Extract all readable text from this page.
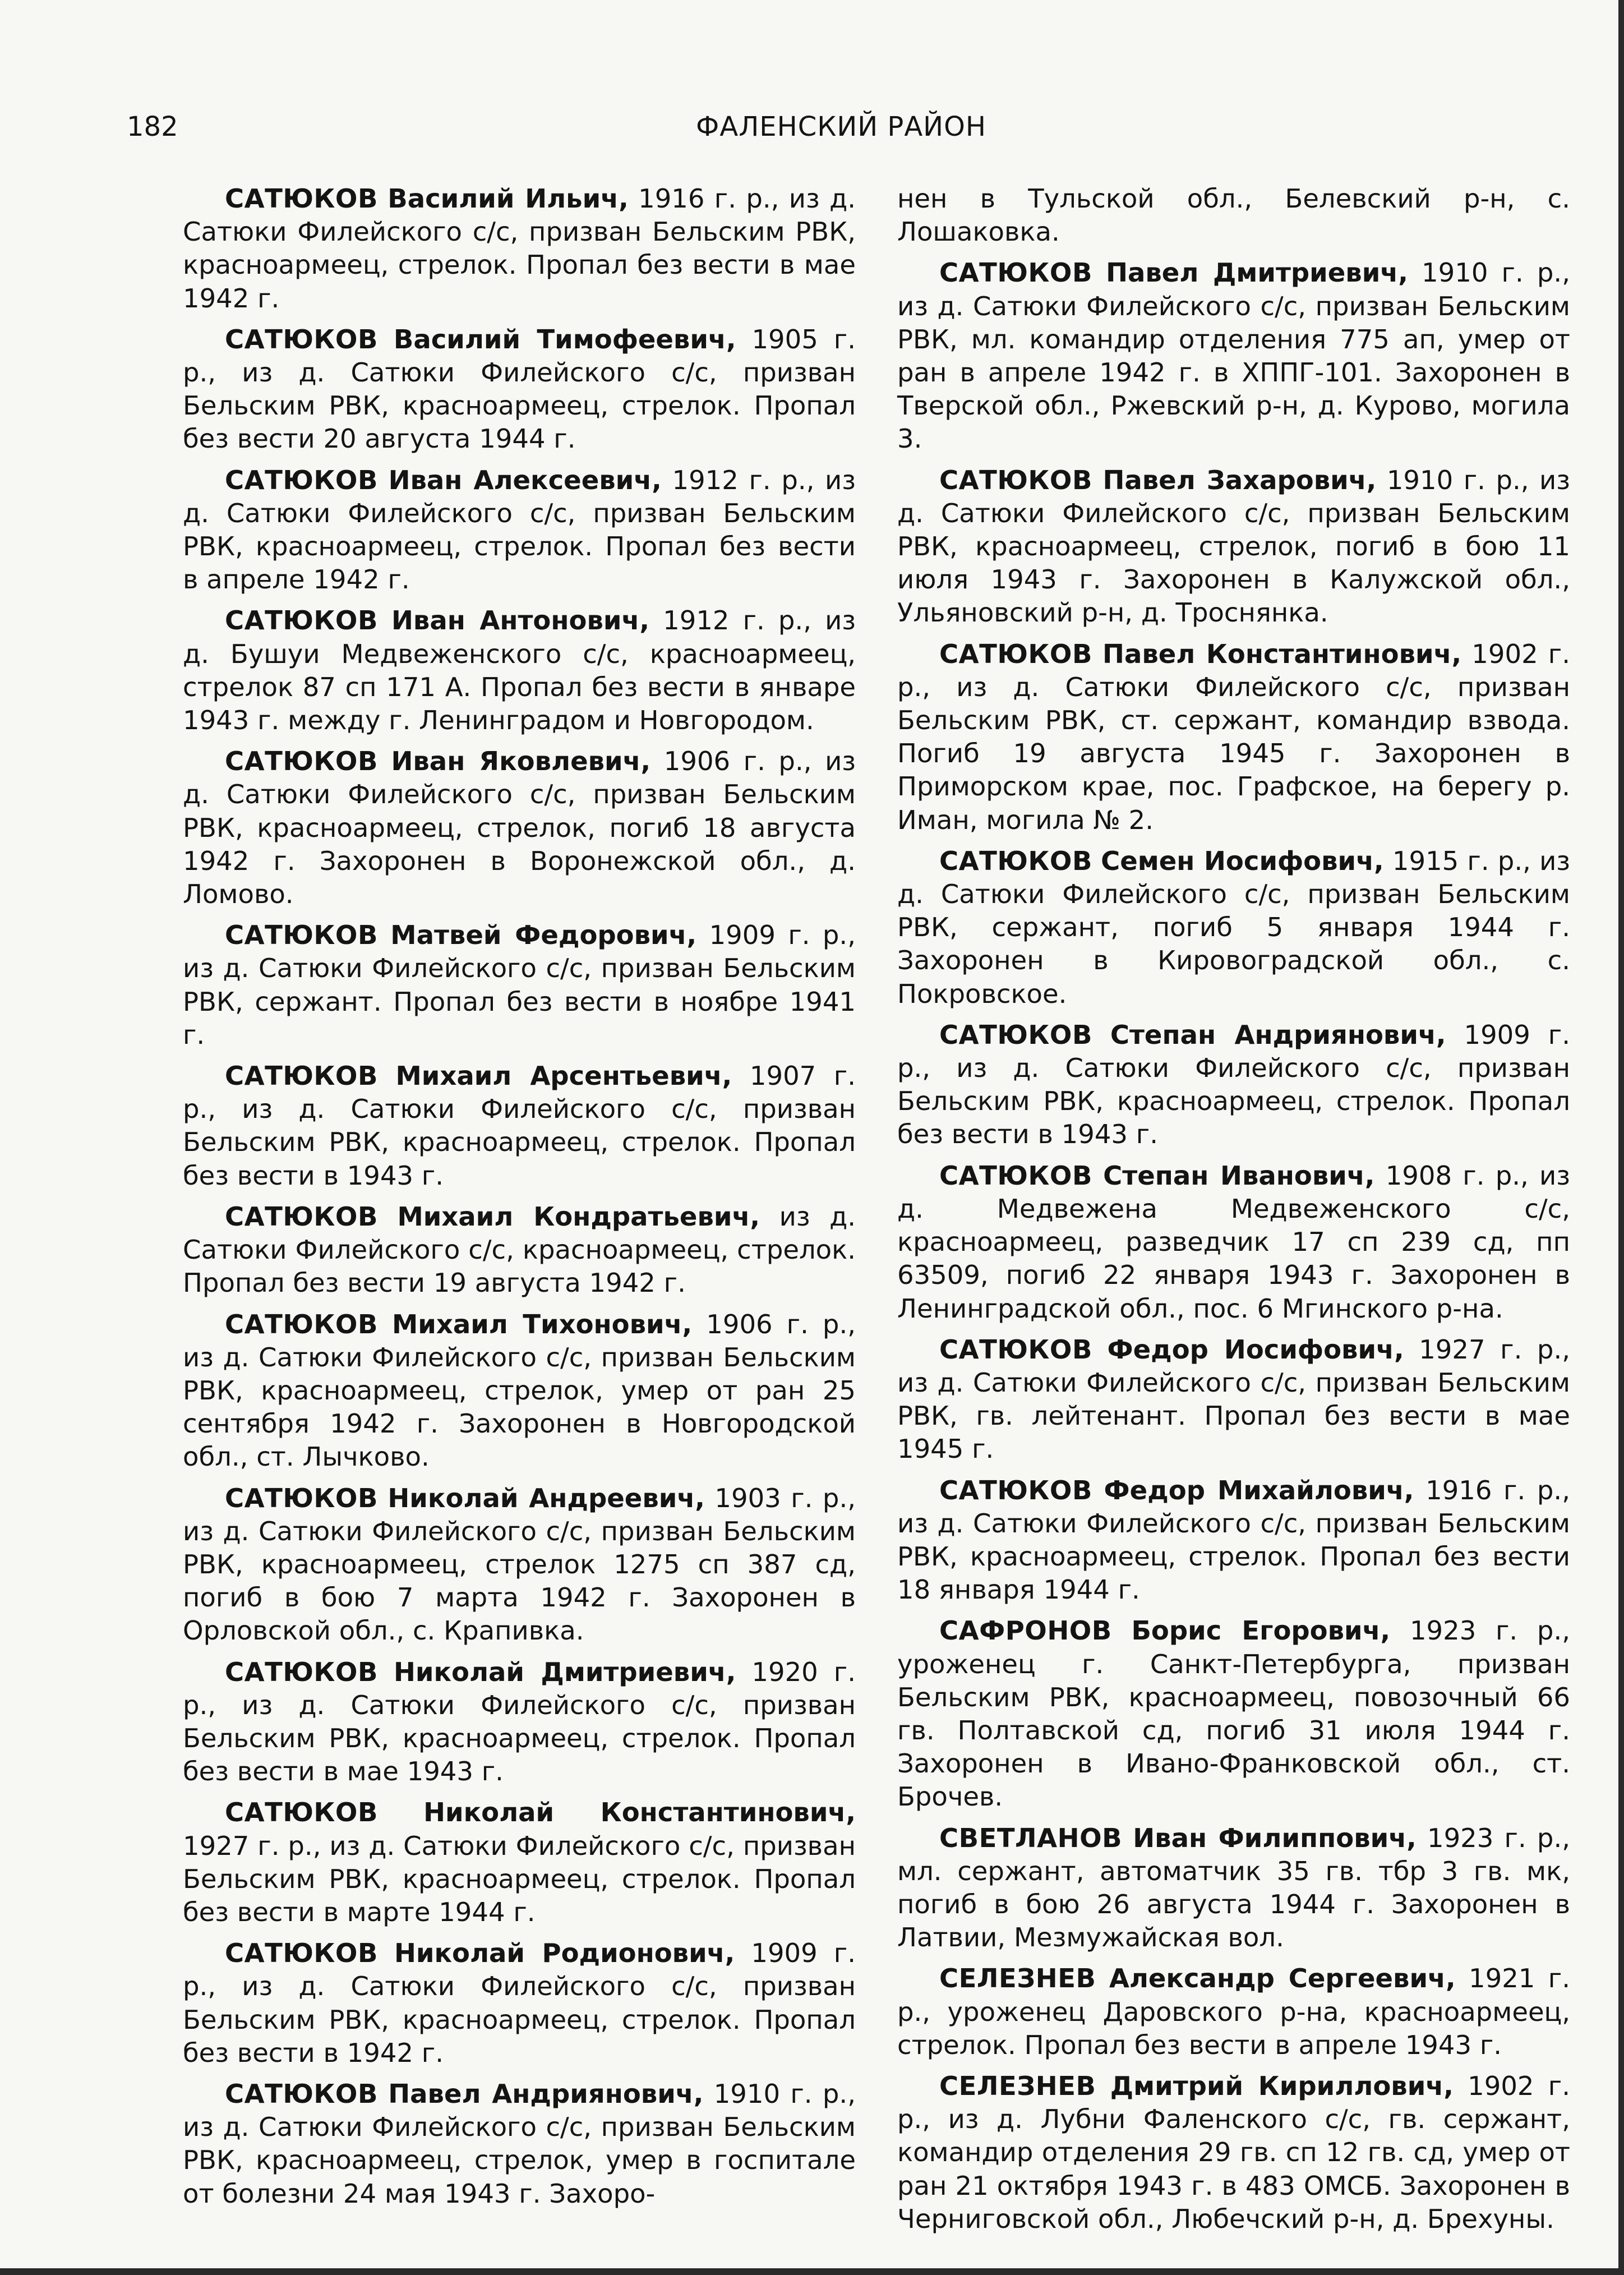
182	ФАЛЕНСКИЙ РАЙОН

САТЮКОВ Василий Ильич, 1916 г. р., из д. Сатюки Филейского с/с, призван Бельским РВК, красноармеец, стрелок. Пропал без вести в мае 1942 г.

САТЮКОВ Василий Тимофеевич, 1905 г. р., из д. Сатюки Филейского с/с, призван Бельским РВК, красноармеец, стрелок. Пропал без вести 20 августа 1944 г.

САТЮКОВ Иван Алексеевич, 1912 г. р., из д. Сатюки Филейского с/с, призван Бельским РВК, красноармеец, стрелок. Пропал без вести в апреле 1942 г.

САТЮКОВ Иван Антонович, 1912 г. р., из д. Бушуи Медвеженского с/с, красноармеец, стрелок 87 сп 171 А. Пропал без вести в январе 1943 г. между г. Ленинградом и Новгородом.

САТЮКОВ Иван Яковлевич, 1906 г. р., из д. Сатюки Филейского с/с, призван Бельским РВК, красноармеец, стрелок, погиб 18 августа 1942 г. Захоронен в Воронежской обл., д. Ломово.

САТЮКОВ Матвей Федорович, 1909 г. р., из д. Сатюки Филейского с/с, призван Бельским РВК, сержант. Пропал без вести в ноябре 1941 г.

САТЮКОВ Михаил Арсентьевич, 1907 г. р., из д. Сатюки Филейского с/с, призван Бельским РВК, красноармеец, стрелок. Пропал без вести в 1943 г.

САТЮКОВ Михаил Кондратьевич, из д. Сатюки Филейского с/с, красноармеец, стрелок. Пропал без вести 19 августа 1942 г.

САТЮКОВ Михаил Тихонович, 1906 г. р., из д. Сатюки Филейского с/с, призван Бельским РВК, красноармеец, стрелок, умер от ран 25 сентября 1942 г. Захоронен в Новгородской обл., ст. Лычково.

САТЮКОВ Николай Андреевич, 1903 г. р., из д. Сатюки Филейского с/с, призван Бельским РВК, красноармеец, стрелок 1275 сп 387 сд, погиб в бою 7 марта 1942 г. Захоронен в Орловской обл., с. Крапивка.

САТЮКОВ Николай Дмитриевич, 1920 г. р., из д. Сатюки Филейского с/с, призван Бельским РВК, красноармеец, стрелок. Пропал без вести в мае 1943 г.

САТЮКОВ Николай Константинович, 1927 г. р., из д. Сатюки Филейского с/с, призван Бельским РВК, красноармеец, стрелок. Пропал без вести в марте 1944 г.

САТЮКОВ Николай Родионович, 1909 г. р., из д. Сатюки Филейского с/с, призван Бельским РВК, красноармеец, стрелок. Пропал без вести в 1942 г.

САТЮКОВ Павел Андриянович, 1910 г. р., из д. Сатюки Филейского с/с, призван Бельским РВК, красноармеец, стрелок, умер в госпитале от болезни 24 мая 1943 г. Захоро-

нен в Тульской обл., Белевский р-н, с. Лошаковка.

САТЮКОВ Павел Дмитриевич, 1910 г. р., из д. Сатюки Филейского с/с, призван Бельским РВК, мл. командир отделения 775 ап, умер от ран в апреле 1942 г. в ХППГ-101. Захоронен в Тверской обл., Ржевский р-н, д. Курово, могила 3.

САТЮКОВ Павел Захарович, 1910 г. р., из д. Сатюки Филейского с/с, призван Бельским РВК, красноармеец, стрелок, погиб в бою 11 июля 1943 г. Захоронен в Калужской обл., Ульяновский р-н, д. Троснянка.

САТЮКОВ Павел Константинович, 1902 г. р., из д. Сатюки Филейского с/с, призван Бельским РВК, ст. сержант, командир взвода. Погиб 19 августа 1945 г. Захоронен в Приморском крае, пос. Графское, на берегу р. Иман, могила № 2.

САТЮКОВ Семен Иосифович, 1915 г. р., из д. Сатюки Филейского с/с, призван Бельским РВК, сержант, погиб 5 января 1944 г. Захоронен в Кировоградской обл., с. Покровское.

САТЮКОВ Степан Андриянович, 1909 г. р., из д. Сатюки Филейского с/с, призван Бельским РВК, красноармеец, стрелок. Пропал без вести в 1943 г.

САТЮКОВ Степан Иванович, 1908 г. р., из д. Медвежена Медвеженского с/с, красноармеец, разведчик 17 сп 239 сд, пп 63509, погиб 22 января 1943 г. Захоронен в Ленинградской обл., пос. 6 Мгинского р-на.

САТЮКОВ Федор Иосифович, 1927 г. р., из д. Сатюки Филейского с/с, призван Бельским РВК, гв. лейтенант. Пропал без вести в мае 1945 г.

САТЮКОВ Федор Михайлович, 1916 г. р., из д. Сатюки Филейского с/с, призван Бельским РВК, красноармеец, стрелок. Пропал без вести 18 января 1944 г.

САФРОНОВ Борис Егорович, 1923 г. р., уроженец г. Санкт-Петербурга, призван Бельским РВК, красноармеец, повозочный 66 гв. Полтавской сд, погиб 31 июля 1944 г. Захоронен в Ивано-Франковской обл., ст. Брочев.

СВЕТЛАНОВ Иван Филиппович, 1923 г. р., мл. сержант, автоматчик 35 гв. тбр 3 гв. мк, погиб в бою 26 августа 1944 г. Захоронен в Латвии, Мезмужайская вол.

СЕЛЕЗНЕВ Александр Сергеевич, 1921 г. р., уроженец Даровского р-на, красноармеец, стрелок. Пропал без вести в апреле 1943 г.

СЕЛЕЗНЕВ Дмитрий Кириллович, 1902 г. р., из д. Лубни Фаленского с/с, гв. сержант, командир отделения 29 гв. сп 12 гв. сд, умер от ран 21 октября 1943 г. в 483 ОМСБ. Захоронен в Черниговской обл., Любечский р-н, д. Брехуны.
